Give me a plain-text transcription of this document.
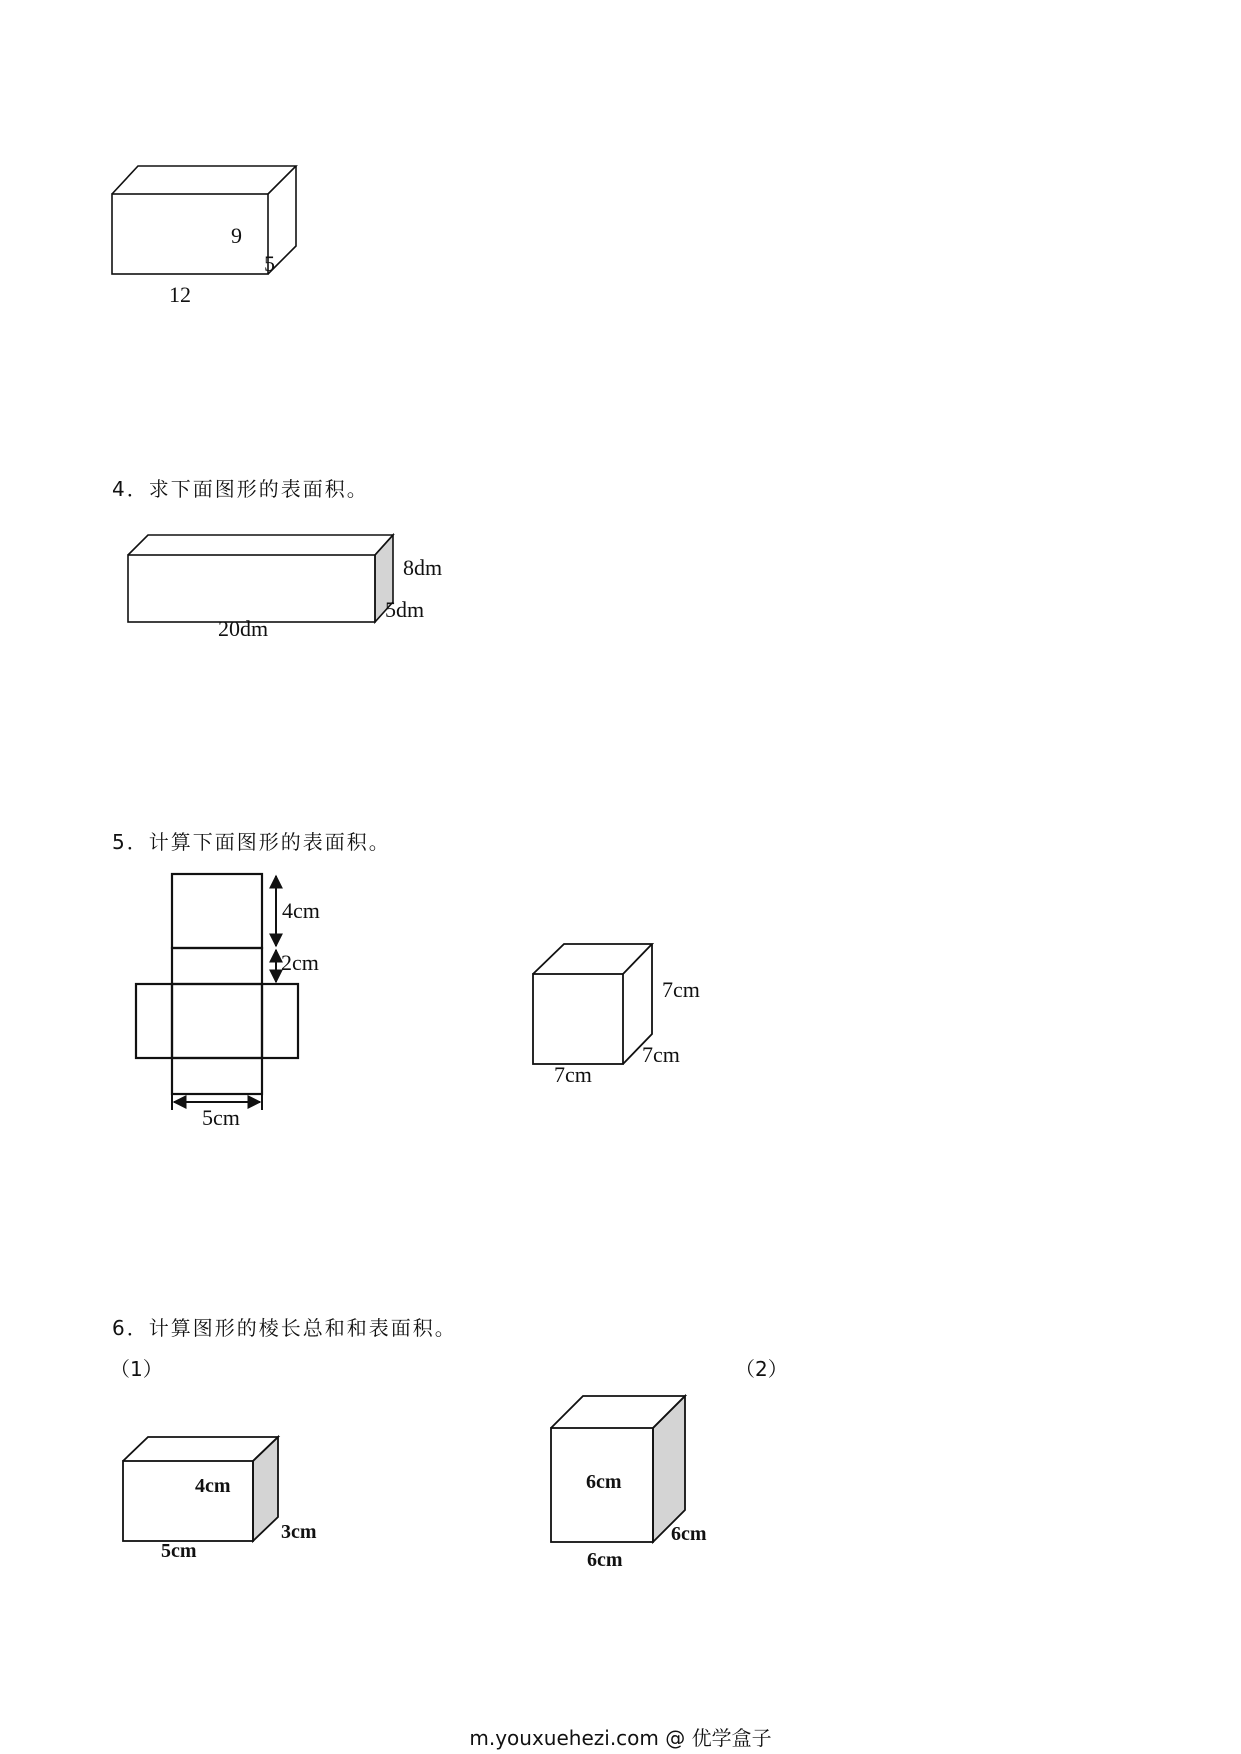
9
5
12
4．求下面图形的表面积。
8dm
5dm
20dm
5．计算下面图形的表面积。
4cm
2cm
5cm
7cm
7cm
7cm
6．计算图形的棱长总和和表面积。
（1）	（2）
4cm
3cm
5cm
6cm
6cm
6cm
m.youxuehezi.com @ 优学盒子
